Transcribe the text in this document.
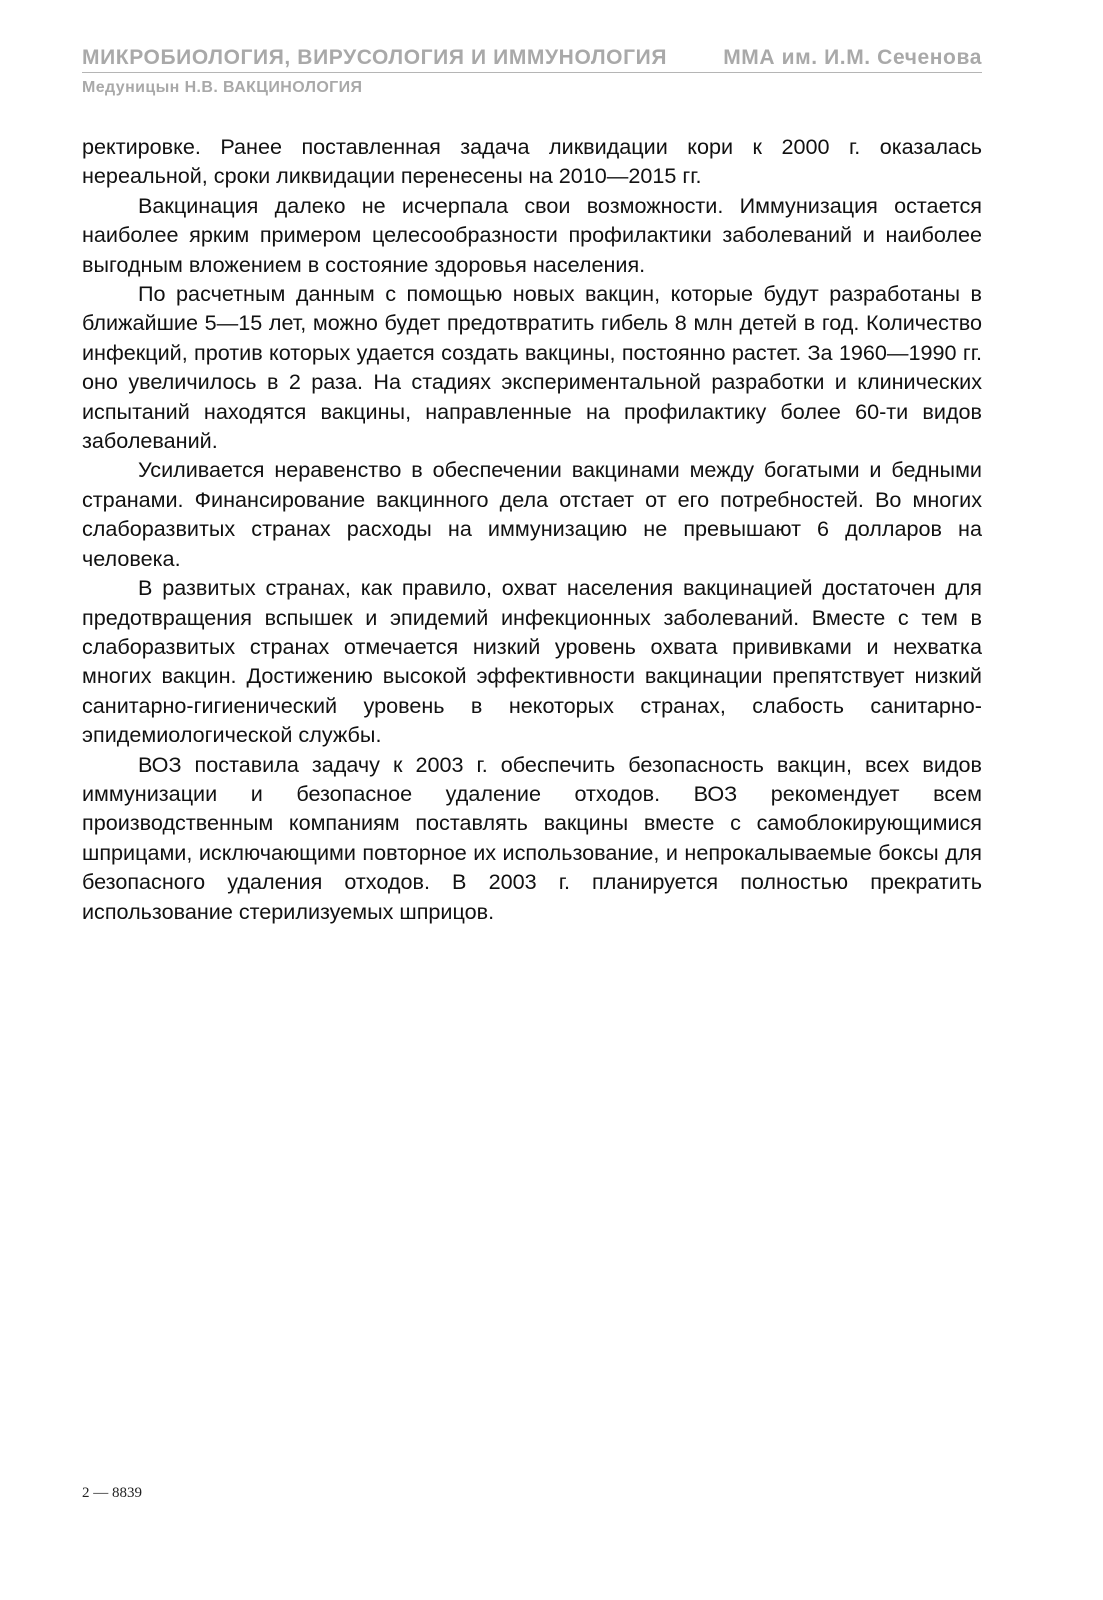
МИКРОБИОЛОГИЯ, ВИРУСОЛОГИЯ И ИММУНОЛОГИЯ	ММА им. И.М. Сеченова
Медуницын Н.В. ВАКЦИНОЛОГИЯ

ректировке. Ранее поставленная задача ликвидации кори к 2000 г. оказалась нереальной, сроки ликвидации перенесены на 2010—2015 гг.

Вакцинация далеко не исчерпала свои возможности. Иммунизация остается наиболее ярким примером целесообразности профилактики заболеваний и наиболее выгодным вложением в состояние здоровья населения.

По расчетным данным с помощью новых вакцин, которые будут разработаны в ближайшие 5—15 лет, можно будет предотвратить гибель 8 млн детей в год. Количество инфекций, против которых удается создать вакцины, постоянно растет. За 1960—1990 гг. оно увеличилось в 2 раза. На стадиях экспериментальной разработки и клинических испытаний находятся вакцины, направленные на профилактику более 60-ти видов заболеваний.

Усиливается неравенство в обеспечении вакцинами между богатыми и бедными странами. Финансирование вакцинного дела отстает от его потребностей. Во многих слаборазвитых странах расходы на иммунизацию не превышают 6 долларов на человека.

В развитых странах, как правило, охват населения вакцинацией достаточен для предотвращения вспышек и эпидемий инфекционных заболеваний. Вместе с тем в слаборазвитых странах отмечается низкий уровень охвата прививками и нехватка многих вакцин. Достижению высокой эффективности вакцинации препятствует низкий санитарно-гигиенический уровень в некоторых странах, слабость санитарно-эпидемиологической службы.

ВОЗ поставила задачу к 2003 г. обеспечить безопасность вакцин, всех видов иммунизации и безопасное удаление отходов. ВОЗ рекомендует всем производственным компаниям поставлять вакцины вместе с самоблокирующимися шприцами, исключающими повторное их использование, и непрокалываемые боксы для безопасного удаления отходов. В 2003 г. планируется полностью прекратить использование стерилизуемых шприцов.

2 — 8839
